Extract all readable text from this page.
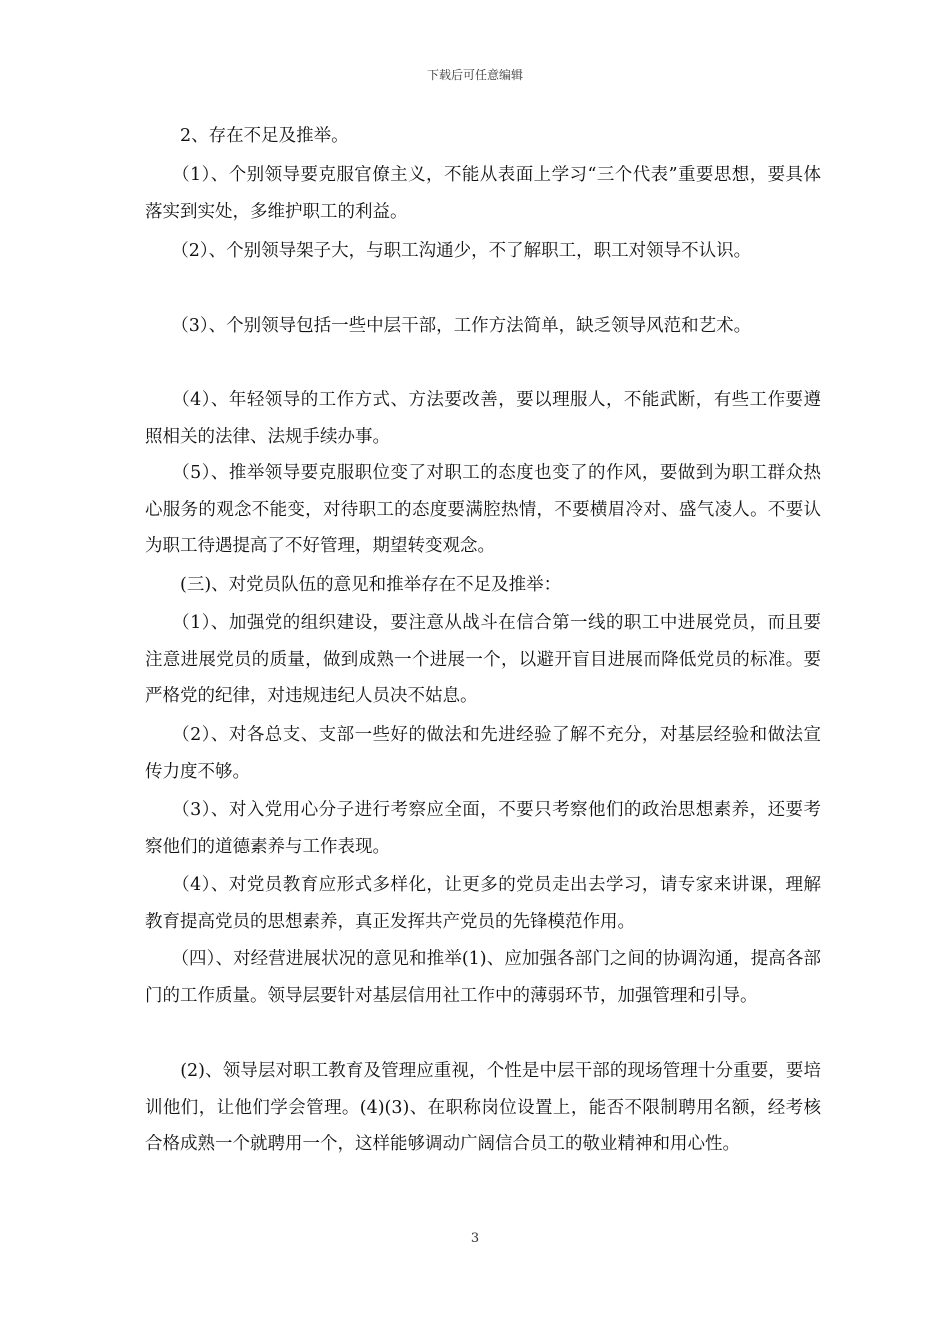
下载后可任意编辑

　　2、存在不足及推举。

　　（1）、个别领导要克服官僚主义，不能从表面上学习“三个代表”重要思想，要具体落实到实处，多维护职工的利益。

　　（2）、个别领导架子大，与职工沟通少，不了解职工，职工对领导不认识。

　　（3）、个别领导包括一些中层干部，工作方法简单，缺乏领导风范和艺术。

　　（4）、年轻领导的工作方式、方法要改善，要以理服人，不能武断，有些工作要遵照相关的法律、法规手续办事。

　　（5）、推举领导要克服职位变了对职工的态度也变了的作风，要做到为职工群众热心服务的观念不能变，对待职工的态度要满腔热情，不要横眉冷对、盛气凌人。不要认为职工待遇提高了不好管理，期望转变观念。

　　(三)、对党员队伍的意见和推举存在不足及推举：

　　（1）、加强党的组织建设，要注意从战斗在信合第一线的职工中进展党员，而且要注意进展党员的质量，做到成熟一个进展一个，以避开盲目进展而降低党员的标准。要严格党的纪律，对违规违纪人员决不姑息。

　　（2）、对各总支、支部一些好的做法和先进经验了解不充分，对基层经验和做法宣传力度不够。

　　（3）、对入党用心分子进行考察应全面，不要只考察他们的政治思想素养，还要考察他们的道德素养与工作表现。

　　（4）、对党员教育应形式多样化，让更多的党员走出去学习，请专家来讲课，理解教育提高党员的思想素养，真正发挥共产党员的先锋模范作用。

　　（四）、对经营进展状况的意见和推举(1)、应加强各部门之间的协调沟通，提高各部门的工作质量。领导层要针对基层信用社工作中的薄弱环节，加强管理和引导。

　　(2)、领导层对职工教育及管理应重视，个性是中层干部的现场管理十分重要，要培训他们，让他们学会管理。(4)(3)、在职称岗位设置上，能否不限制聘用名额，经考核合格成熟一个就聘用一个，这样能够调动广阔信合员工的敬业精神和用心性。

3
